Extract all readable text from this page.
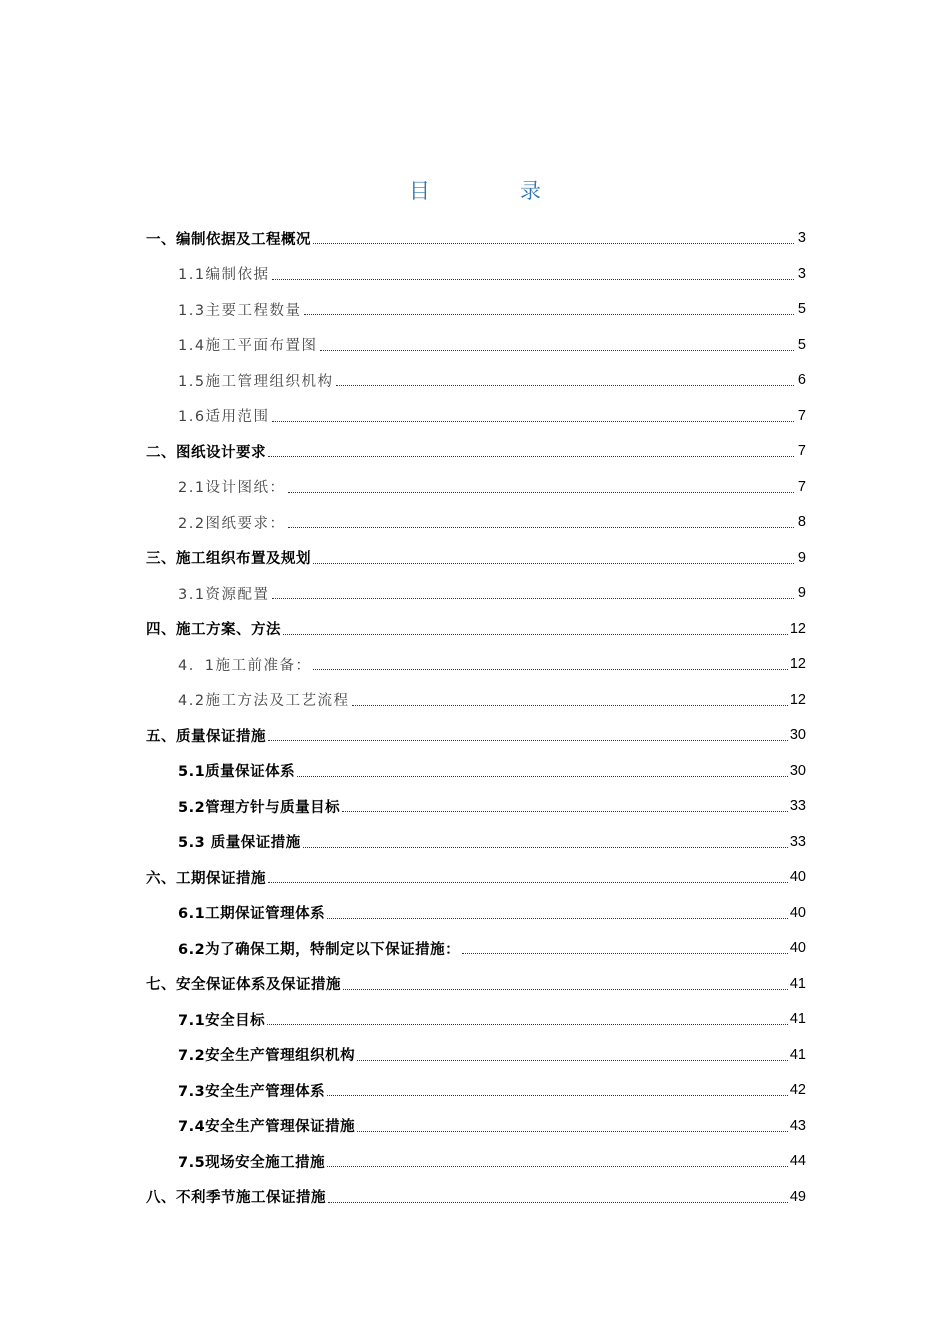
目	录
一、编制依据及工程概况	3
1.1编制依据	3
1.3主要工程数量	5
1.4施工平面布置图	5
1.5施工管理组织机构	6
1.6适用范围	7
二、图纸设计要求	7
2.1设计图纸：	7
2.2图纸要求：	8
三、施工组织布置及规划	9
3.1资源配置	9
四、施工方案、方法	12
4．1施工前准备：	12
4.2施工方法及工艺流程	12
五、质量保证措施	30
5.1质量保证体系	30
5.2管理方针与质量目标	33
5.3 质量保证措施	33
六、工期保证措施	40
6.1工期保证管理体系	40
6.2为了确保工期，特制定以下保证措施：	40
七、安全保证体系及保证措施	41
7.1安全目标	41
7.2安全生产管理组织机构	41
7.3安全生产管理体系	42
7.4安全生产管理保证措施	43
7.5现场安全施工措施	44
八、不利季节施工保证措施	49
